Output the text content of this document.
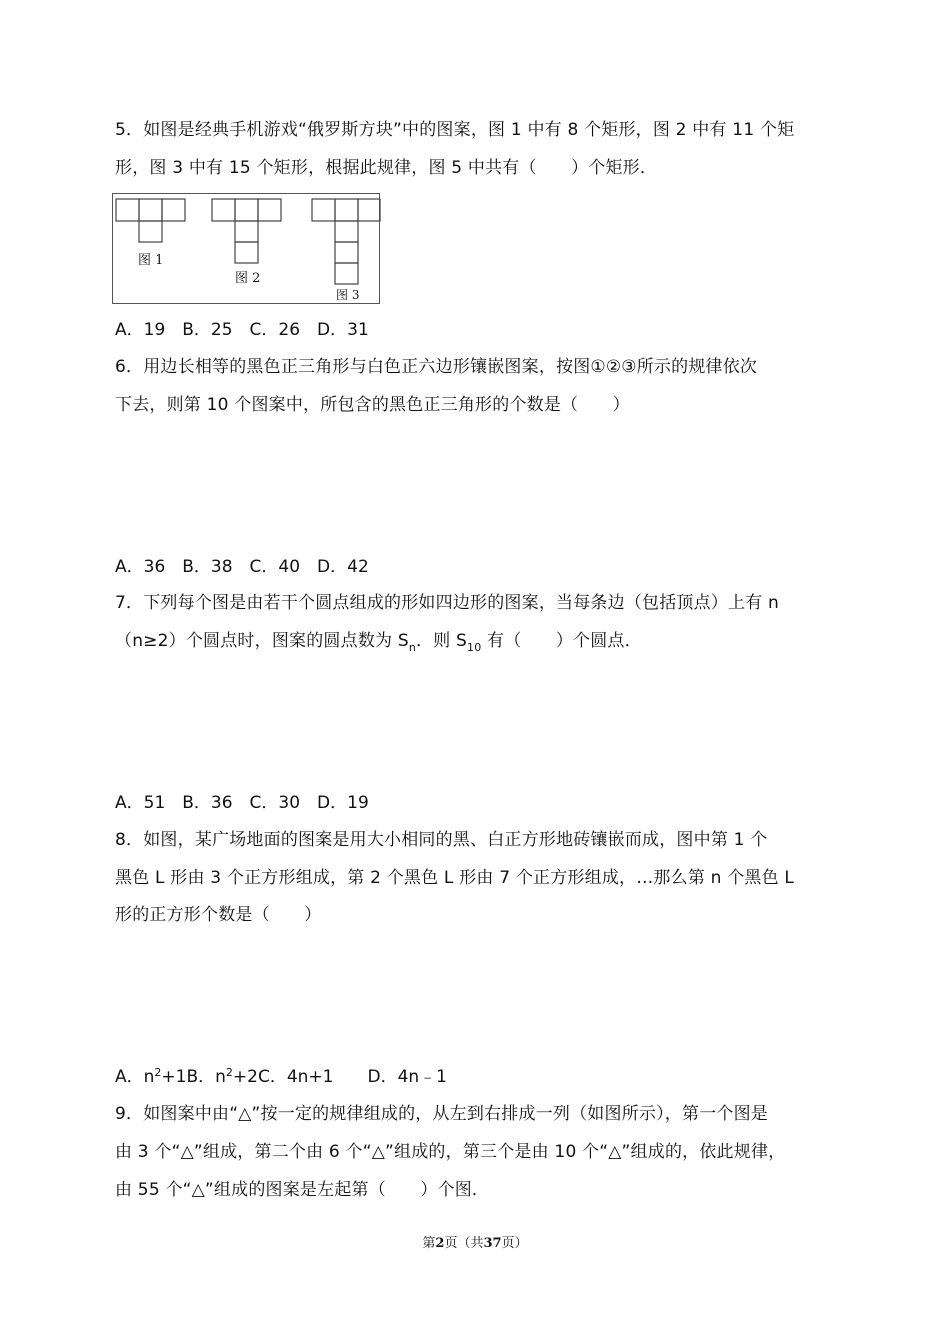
5．如图是经典手机游戏“俄罗斯方块”中的图案，图 1 中有 8 个矩形，图 2 中有 11 个矩
形，图 3 中有 15 个矩形，根据此规律，图 5 中共有（　　）个矩形．
图 1
图 2
图 3
A．19　B．25　C．26　D．31
6．用边长相等的黑色正三角形与白色正六边形镶嵌图案，按图①②③所示的规律依次
下去，则第 10 个图案中，所包含的黑色正三角形的个数是（　　）
A．36　B．38　C．40　D．42
7．下列每个图是由若干个圆点组成的形如四边形的图案，当每条边（包括顶点）上有 n
（n≥2）个圆点时，图案的圆点数为 $S_n$．则 $S_{10}$ 有（　　）个圆点．
A．51　B．36　C．30　D．19
8．如图，某广场地面的图案是用大小相同的黑、白正方形地砖镶嵌而成，图中第 1 个
黑色 L 形由 3 个正方形组成，第 2 个黑色 L 形由 7 个正方形组成，…那么第 n 个黑色 L
形的正方形个数是（　　）
A．$n^2+1B$．$n^2+2C$．4n+1　　D．4n﹣1
9．如图案中由“△”按一定的规律组成的，从左到右排成一列（如图所示），第一个图是
由 3 个“△”组成，第二个由 6 个“△”组成的，第三个是由 10 个“△”组成的，依此规律，
由 55 个“△”组成的图案是左起第（　　）个图．
第2页（共37页）
